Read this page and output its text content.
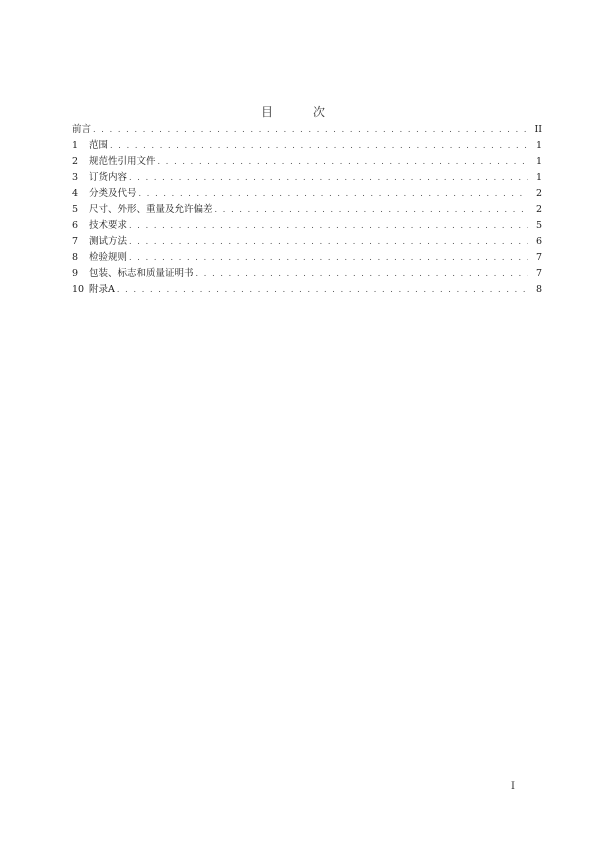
目　次
前言 . . .	II
1	范围 . . .	1
2	规范性引用文件 . . .	1
3	订货内容 . . .	1
4	分类及代号 . . .	2
5	尺寸、外形、重量及允许偏差 . . .	2
6	技术要求 . . .	5
7	测试方法 . . .	6
8	检验规则 . . .	7
9	包装、标志和质量证明书 . . .	7
10 附录A . . .	8
I
